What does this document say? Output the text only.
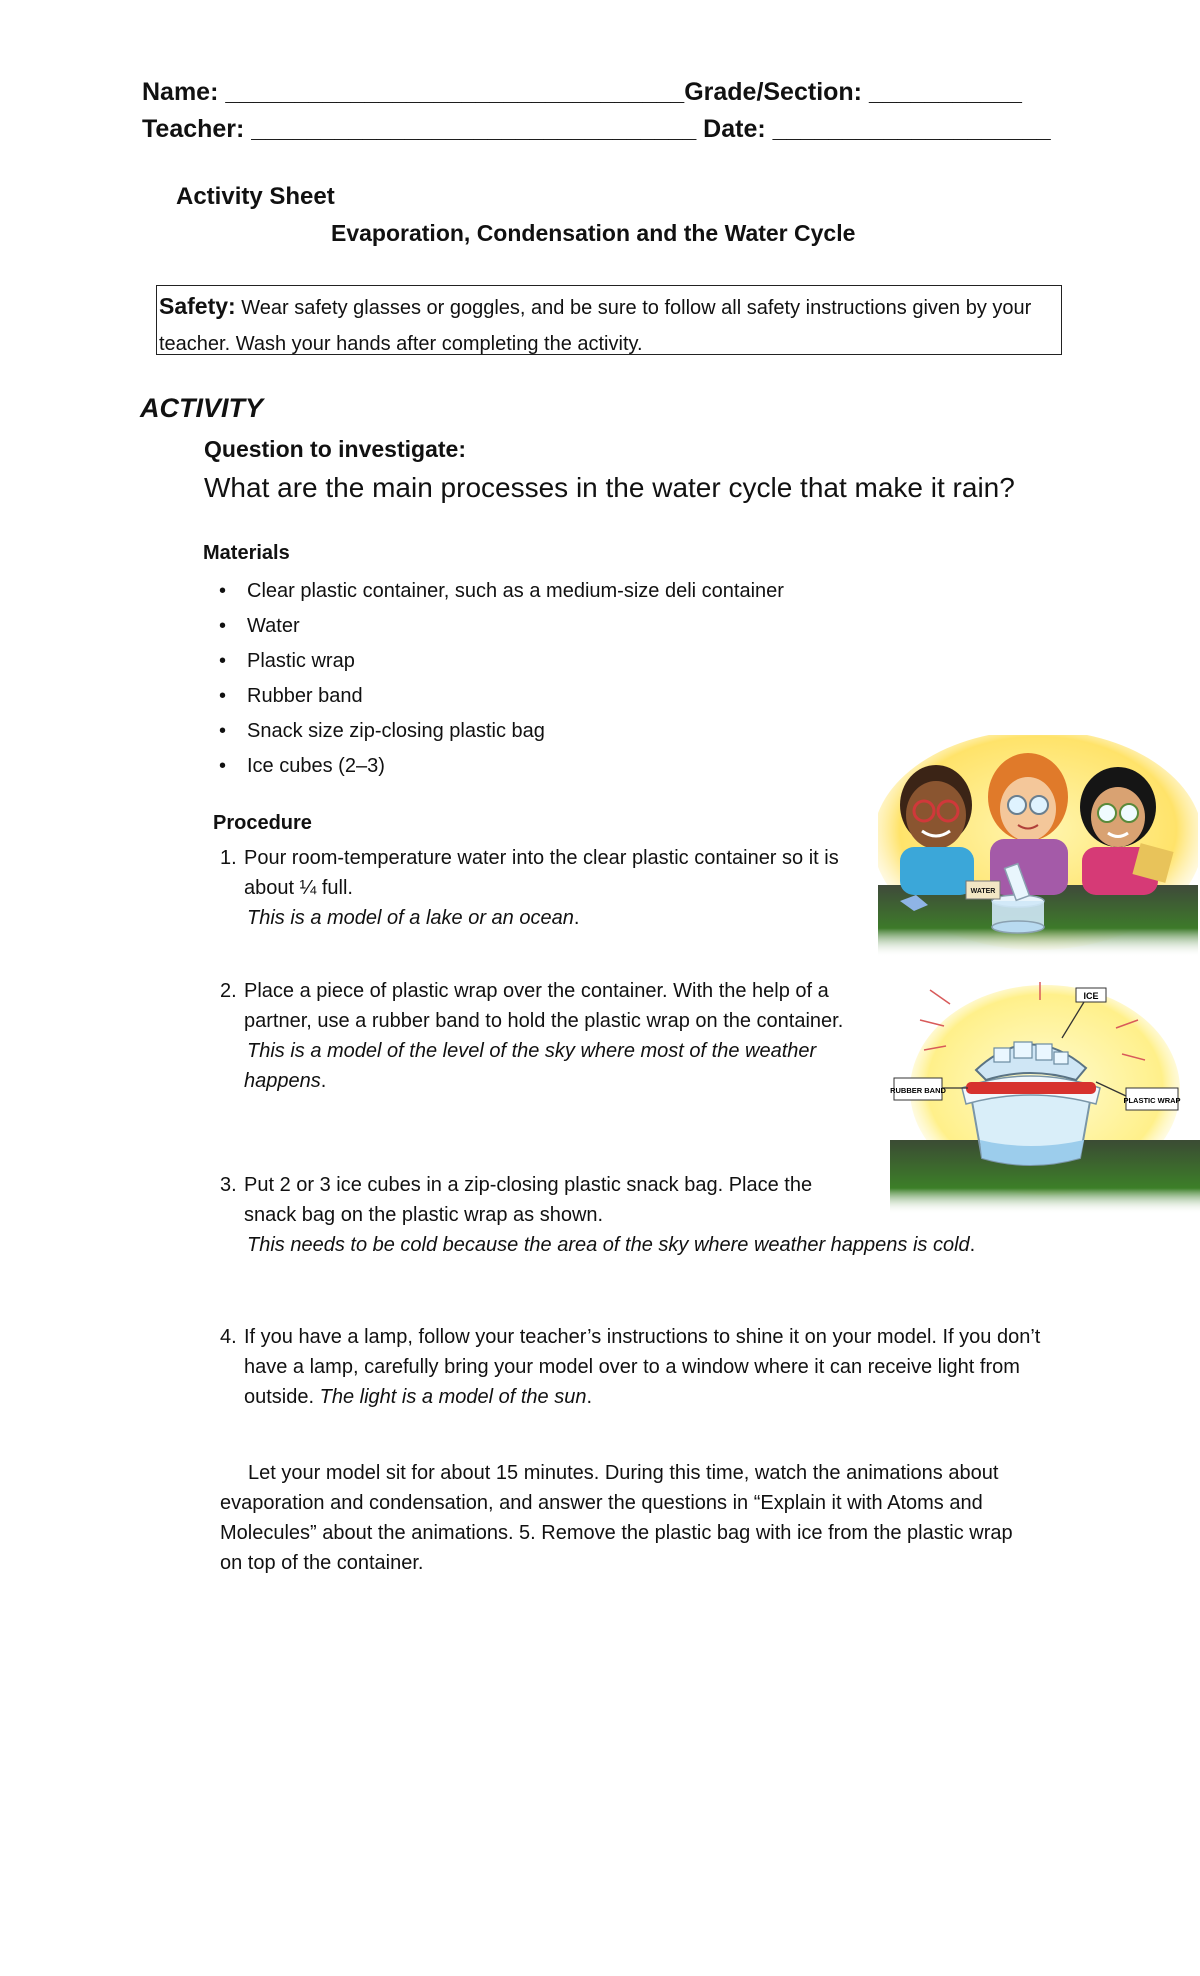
Name: _________________________________Grade/Section: ___________
Teacher: ________________________________ Date: ____________________
Activity Sheet
Evaporation, Condensation and the Water Cycle
Safety: Wear safety glasses or goggles, and be sure to follow all safety instructions given by your teacher. Wash your hands after completing the activity.
ACTIVITY
Question to investigate:
What are the main processes in the water cycle that make it rain?
Materials
• Clear plastic container, such as a medium-size deli container
• Water
• Plastic wrap
• Rubber band
• Snack size zip-closing plastic bag
• Ice cubes (2–3)
Procedure
1. Pour room-temperature water into the clear plastic container so it is about ¼ full.
This is a model of a lake or an ocean.
2. Place a piece of plastic wrap over the container. With the help of a partner, use a rubber band to hold the plastic wrap on the container.
This is a model of the level of the sky where most of the weather happens.
3. Put 2 or 3 ice cubes in a zip-closing plastic snack bag. Place the snack bag on the plastic wrap as shown.
This needs to be cold because the area of the sky where weather happens is cold.
4. If you have a lamp, follow your teacher’s instructions to shine it on your model. If you don’t have a lamp, carefully bring your model over to a window where it can receive light from outside. The light is a model of the sun.
Let your model sit for about 15 minutes. During this time, watch the animations about evaporation and condensation, and answer the questions in “Explain it with Atoms and Molecules” about the animations. 5. Remove the plastic bag with ice from the plastic wrap on top of the container.
WATER
ICE
RUBBER BAND
PLASTIC WRAP
